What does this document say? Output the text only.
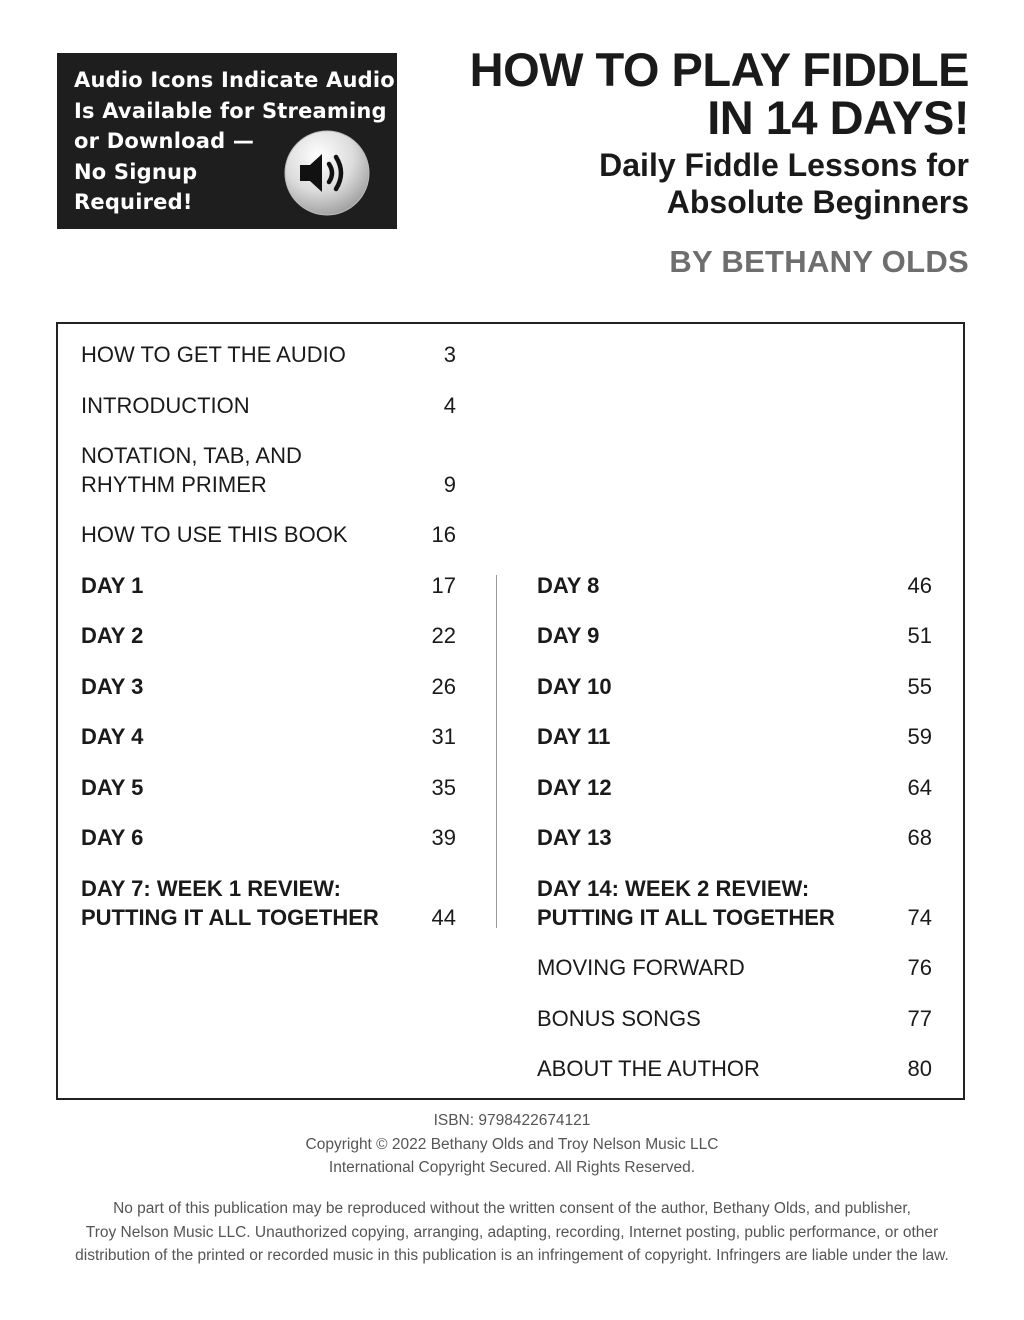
Audio Icons Indicate Audio
Is Available for Streaming
or Download —
No Signup
Required!
HOW TO PLAY FIDDLE
IN 14 DAYS!
Daily Fiddle Lessons for
Absolute Beginners
BY BETHANY OLDS
HOW TO GET THE AUDIO	3
INTRODUCTION	4
NOTATION, TAB, AND
RHYTHM PRIMER	9
HOW TO USE THIS BOOK	16
DAY 1	17
DAY 2	22
DAY 3	26
DAY 4	31
DAY 5	35
DAY 6	39
DAY 7: WEEK 1 REVIEW:
PUTTING IT ALL TOGETHER	44
DAY 8	46
DAY 9	51
DAY 10	55
DAY 11	59
DAY 12	64
DAY 13	68
DAY 14: WEEK 2 REVIEW:
PUTTING IT ALL TOGETHER	74
MOVING FORWARD	76
BONUS SONGS	77
ABOUT THE AUTHOR	80
ISBN: 9798422674121
Copyright © 2022 Bethany Olds and Troy Nelson Music LLC
International Copyright Secured. All Rights Reserved.
No part of this publication may be reproduced without the written consent of the author, Bethany Olds, and publisher,
Troy Nelson Music LLC. Unauthorized copying, arranging, adapting, recording, Internet posting, public performance, or other
distribution of the printed or recorded music in this publication is an infringement of copyright. Infringers are liable under the law.
